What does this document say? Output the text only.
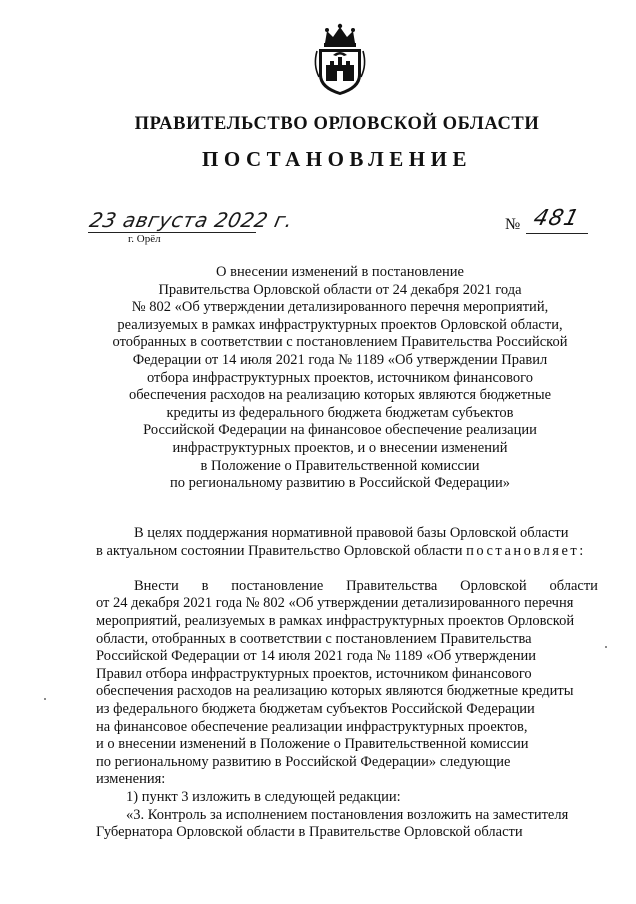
ПРАВИТЕЛЬСТВО ОРЛОВСКОЙ ОБЛАСТИ
ПОСТАНОВЛЕНИЕ
23 августа 2022 г.
г. Орёл
№ 481
О внесении изменений в постановление
Правительства Орловской области от 24 декабря 2021 года
№ 802 «Об утверждении детализированного перечня мероприятий,
реализуемых в рамках инфраструктурных проектов Орловской области,
отобранных в соответствии с постановлением Правительства Российской
Федерации от 14 июля 2021 года № 1189 «Об утверждении Правил
отбора инфраструктурных проектов, источником финансового
обеспечения расходов на реализацию которых являются бюджетные
кредиты из федерального бюджета бюджетам субъектов
Российской Федерации на финансовое обеспечение реализации
инфраструктурных проектов, и о внесении изменений
в Положение о Правительственной комиссии
по региональному развитию в Российской Федерации»
В целях поддержания нормативной правовой базы Орловской области
в актуальном состоянии Правительство Орловской области постановляет:
Внести в постановление Правительства Орловской области
от 24 декабря 2021 года № 802 «Об утверждении детализированного перечня
мероприятий, реализуемых в рамках инфраструктурных проектов Орловской
области, отобранных в соответствии с постановлением Правительства
Российской Федерации от 14 июля 2021 года № 1189 «Об утверждении
Правил отбора инфраструктурных проектов, источником финансового
обеспечения расходов на реализацию которых являются бюджетные кредиты
из федерального бюджета бюджетам субъектов Российской Федерации
на финансовое обеспечение реализации инфраструктурных проектов,
и о внесении изменений в Положение о Правительственной комиссии
по региональному развитию в Российской Федерации» следующие
изменения:
1) пункт 3 изложить в следующей редакции:
«3. Контроль за исполнением постановления возложить на заместителя
Губернатора Орловской области в Правительстве Орловской области
